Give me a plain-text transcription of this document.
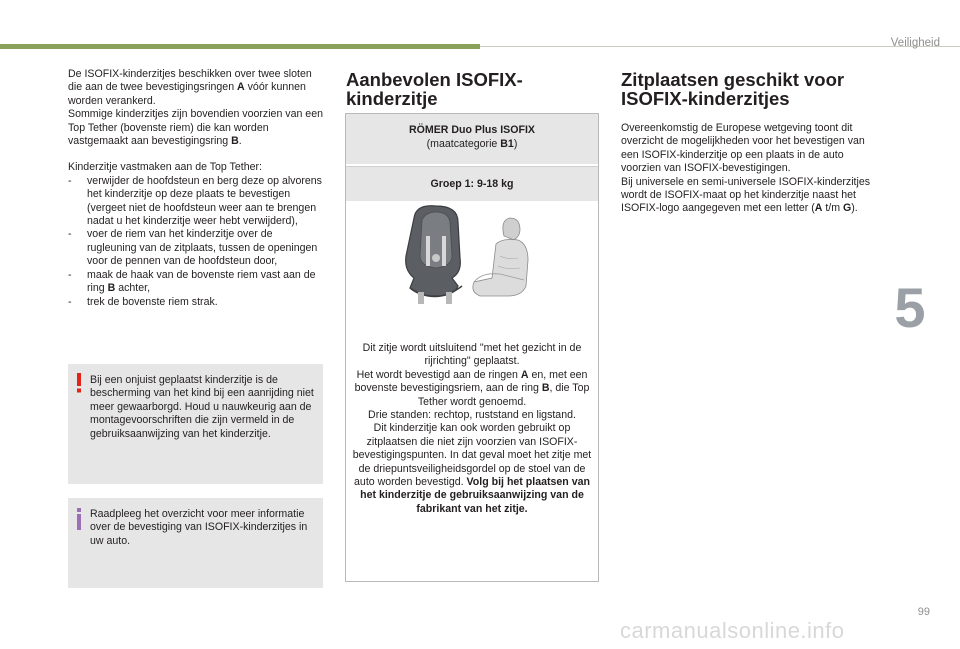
Veiligheid
5
99
carmanualsonline.info

De ISOFIX-kinderzitjes beschikken over twee sloten die aan de twee bevestigingsringen A vóór kunnen worden verankerd.
Sommige kinderzitjes zijn bovendien voorzien van een Top Tether (bovenste riem) die kan worden vastgemaakt aan bevestigingsring B.

Kinderzitje vastmaken aan de Top Tether:

- verwijder de hoofdsteun en berg deze op alvorens het kinderzitje op deze plaats te bevestigen (vergeet niet de hoofdsteun weer aan te brengen nadat u het kinderzitje weer hebt verwijderd),
- voer de riem van het kinderzitje over de rugleuning van de zitplaats, tussen de openingen voor de pennen van de hoofdsteun door,
- maak de haak van de bovenste riem vast aan de ring B achter,
- trek de bovenste riem strak.
Bij een onjuist geplaatst kinderzitje is de bescherming van het kind bij een aanrijding niet meer gewaarborgd. Houd u nauwkeurig aan de montagevoorschriften die zijn vermeld in de gebruiksaanwijzing van het kinderzitje.
Raadpleeg het overzicht voor meer informatie over de bevestiging van ISOFIX-kinderzitjes in uw auto.
Aanbevolen ISOFIX-kinderzitje
RÖMER Duo Plus ISOFIX
(maatcategorie B1)
Groep 1: 9-18 kg

Dit zitje wordt uitsluitend "met het gezicht in de rijrichting" geplaatst.

Het wordt bevestigd aan de ringen A en, met een bovenste bevestigingsriem, aan de ring B, die Top Tether wordt genoemd.

Drie standen: rechtop, ruststand en ligstand.

Dit kinderzitje kan ook worden gebruikt op zitplaatsen die niet zijn voorzien van ISOFIX-bevestigingspunten. In dat geval moet het zitje met de driepuntsveiligheidsgordel op de stoel van de auto worden bevestigd. Volg bij het plaatsen van het kinderzitje de gebruiksaanwijzing van de fabrikant van het zitje.

Zitplaatsen geschikt voor ISOFIX-kinderzitjes

Overeenkomstig de Europese wetgeving toont dit overzicht de mogelijkheden voor het bevestigen van een ISOFIX-kinderzitje op een plaats in de auto voorzien van ISOFIX-bevestigingen.

Bij universele en semi-universele ISOFIX-kinderzitjes wordt de ISOFIX-maat op het kinderzitje naast het ISOFIX-logo aangegeven met een letter (A t/m G).
